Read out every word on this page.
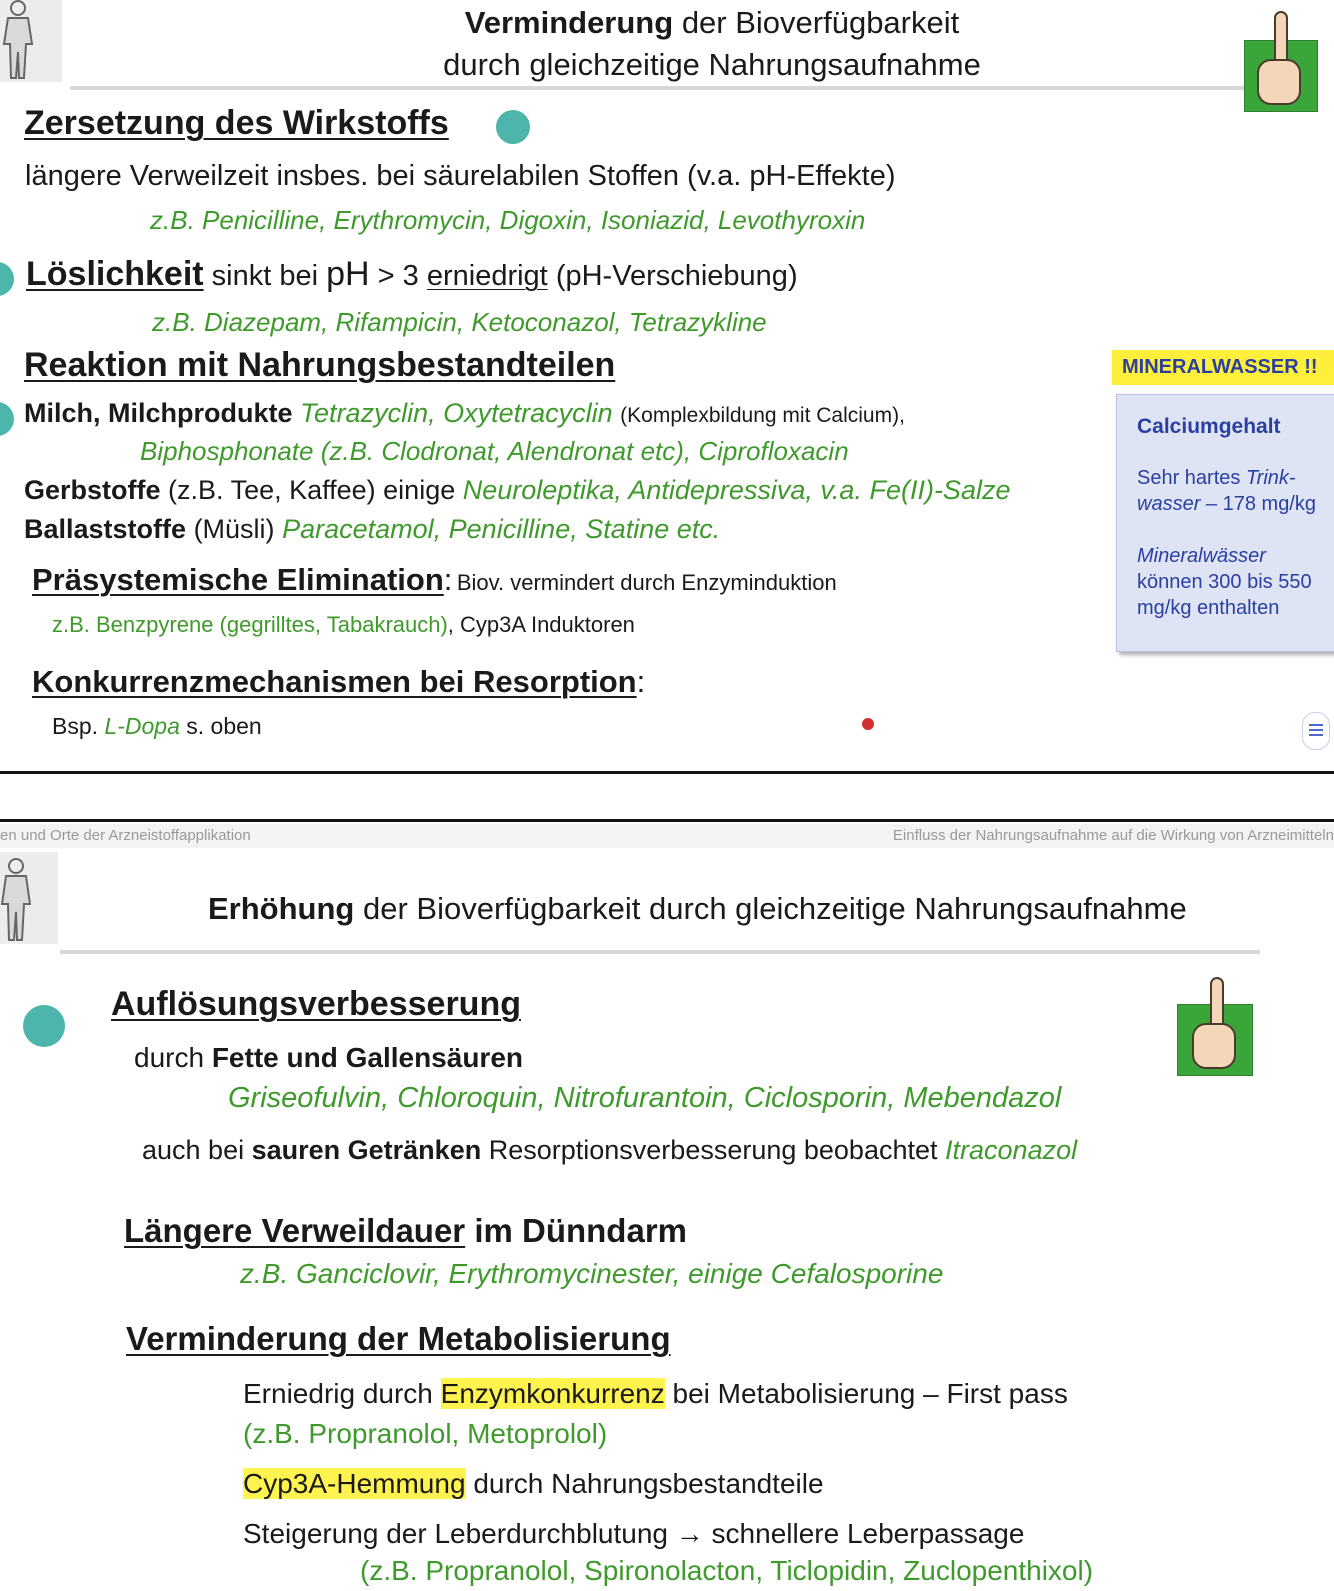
Verminderung der Bioverfügbarkeit
durch gleichzeitige Nahrungsaufnahme
Zersetzung des Wirkstoffs
längere Verweilzeit insbes. bei säurelabilen Stoffen (v.a. pH-Effekte)
z.B. Penicilline, Erythromycin, Digoxin, Isoniazid, Levothyroxin
Löslichkeit sinkt bei pH > 3 erniedrigt (pH-Verschiebung)
z.B. Diazepam, Rifampicin, Ketoconazol, Tetrazykline
Reaktion mit Nahrungsbestandteilen
Milch, Milchprodukte Tetrazyclin, Oxytetracyclin (Komplexbildung mit Calcium),
Biphosphonate (z.B. Clodronat, Alendronat etc), Ciprofloxacin
Gerbstoffe (z.B. Tee, Kaffee) einige Neuroleptika, Antidepressiva, v.a. Fe(II)-Salze
Ballaststoffe (Müsli) Paracetamol, Penicilline, Statine etc.
Präsystemische Elimination: Biov. vermindert durch Enzyminduktion
z.B. Benzpyrene (gegrilltes, Tabakrauch), Cyp3A Induktoren
Konkurrenzmechanismen bei Resorption:
Bsp. L-Dopa s. oben
MINERALWASSER !!
Calciumgehalt
Sehr hartes Trink-
wasser – 178 mg/kg
Mineralwässer
können 300 bis 550
mg/kg enthalten
en und Orte der Arzneistoffapplikation	Einfluss der Nahrungsaufnahme auf die Wirkung von Arzneimitteln
Erhöhung der Bioverfügbarkeit durch gleichzeitige Nahrungsaufnahme
Auflösungsverbesserung
durch Fette und Gallensäuren
Griseofulvin, Chloroquin, Nitrofurantoin, Ciclosporin, Mebendazol
auch bei sauren Getränken Resorptionsverbesserung beobachtet Itraconazol
Längere Verweildauer im Dünndarm
z.B. Ganciclovir, Erythromycinester, einige Cefalosporine
Verminderung der Metabolisierung
Erniedrig durch Enzymkonkurrenz bei Metabolisierung – First pass
(z.B. Propranolol, Metoprolol)
Cyp3A-Hemmung durch Nahrungsbestandteile
Steigerung der Leberdurchblutung → schnellere Leberpassage
(z.B. Propranolol, Spironolacton, Ticlopidin, Zuclopenthixol)
